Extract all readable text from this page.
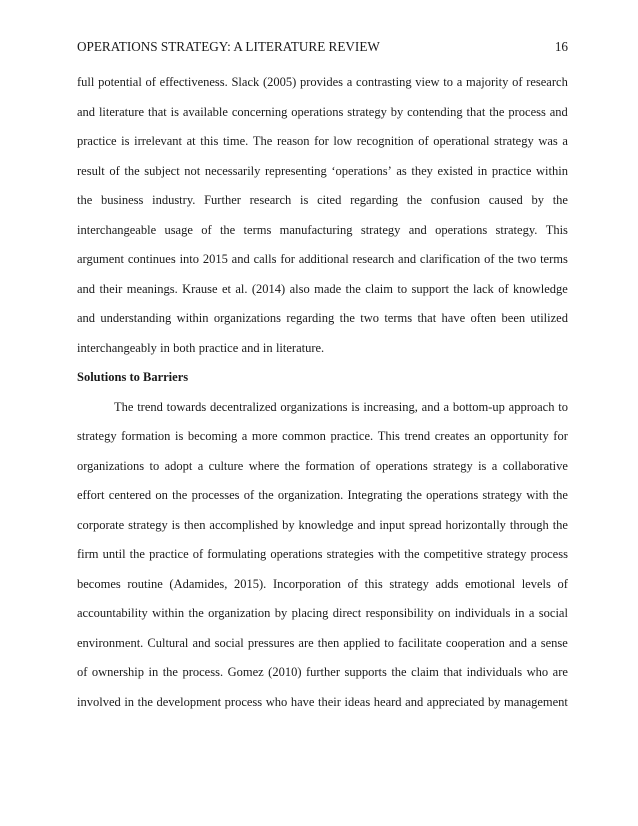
OPERATIONS STRATEGY: A LITERATURE REVIEW	16
full potential of effectiveness. Slack (2005) provides a contrasting view to a majority of research
and literature that is available concerning operations strategy by contending that the process and
practice is irrelevant at this time. The reason for low recognition of operational strategy was a
result of the subject not necessarily representing ‘operations’ as they existed in practice within
the business industry. Further research is cited regarding the confusion caused by the
interchangeable usage of the terms manufacturing strategy and operations strategy. This
argument continues into 2015 and calls for additional research and clarification of the two terms
and their meanings. Krause et al. (2014) also made the claim to support the lack of knowledge
and understanding within organizations regarding the two terms that have often been utilized
interchangeably in both practice and in literature.
Solutions to Barriers
The trend towards decentralized organizations is increasing, and a bottom-up approach to
strategy formation is becoming a more common practice. This trend creates an opportunity for
organizations to adopt a culture where the formation of operations strategy is a collaborative
effort centered on the processes of the organization. Integrating the operations strategy with the
corporate strategy is then accomplished by knowledge and input spread horizontally through the
firm until the practice of formulating operations strategies with the competitive strategy process
becomes routine (Adamides, 2015). Incorporation of this strategy adds emotional levels of
accountability within the organization by placing direct responsibility on individuals in a social
environment. Cultural and social pressures are then applied to facilitate cooperation and a sense
of ownership in the process. Gomez (2010) further supports the claim that individuals who are
involved in the development process who have their ideas heard and appreciated by management
